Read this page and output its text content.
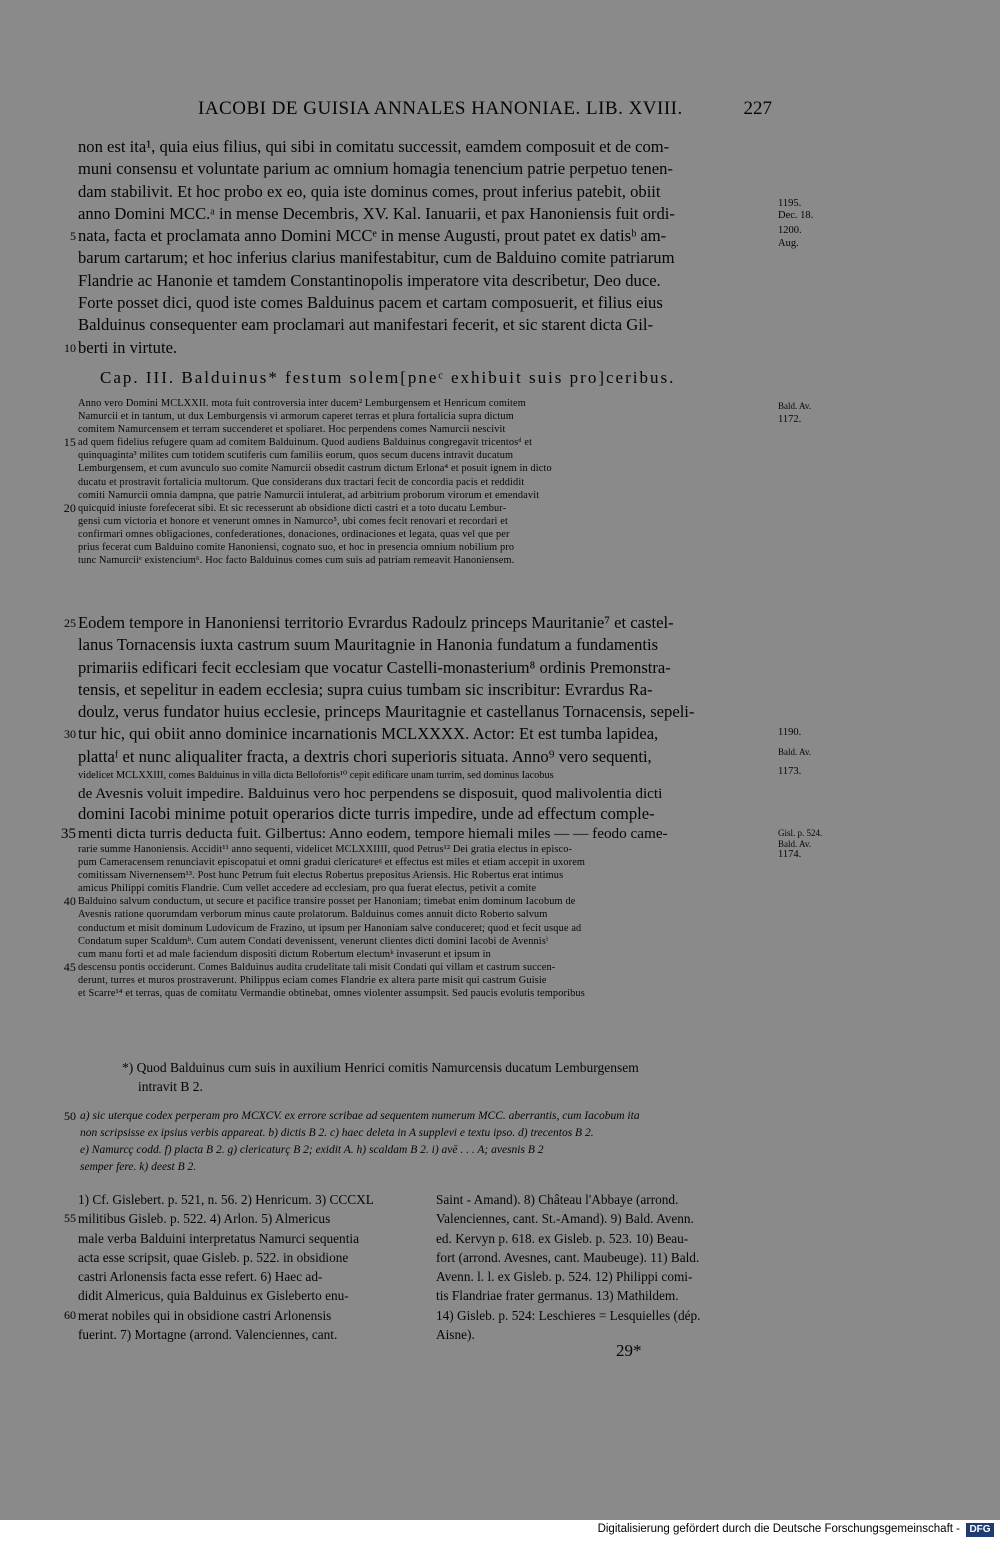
IACOBI DE GUISIA ANNALES HANONIAE. LIB. XVIII.	227
non est ita¹, quia eius filius, qui sibi in comitatu successit, eamdem composuit et de com-
muni consensu et voluntate parium ac omnium homagia tenencium patrie perpetuo tenen-
dam stabilivit. Et hoc probo ex eo, quia iste dominus comes, prout inferius patebit, obiit
anno Domini MCC.ᵃ in mense Decembris, XV. Kal. Ianuarii, et pax Hanoniensis fuit ordi-
5 nata, facta et proclamata anno Domini MCCᵉ in mense Augusti, prout patet ex datisᵇ am-
barum cartarum; et hoc inferius clarius manifestabitur, cum de Balduino comite patriarum
Flandrie ac Hanonie et tamdem Constantinopolis imperatore vita describetur, Deo duce.
Forte posset dici, quod iste comes Balduinus pacem et cartam composuerit, et filius eius
Balduinus consequenter eam proclamari aut manifestari fecerit, et sic starent dicta Gil-
10 berti in virtute.
Cap. III. Balduinus* festum solem[pneᶜ exhibuit suis pro]ceribus.
Anno vero Domini MCLXXII. mota fuit controversia inter ducem² Lemburgensem et Henricum comitem
Namurcii et in tantum, ut dux Lemburgensis vi armorum caperet terras et plura fortalicia supra dictum
comitem Namurcensem et terram succenderet et spoliaret. Hoc perpendens comes Namurcii nescivit
15 ad quem fidelius refugere quam ad comitem Balduinum. Quod audiens Balduinus congregavit tricentosᵈ et
quinquaginta³ milites cum totidem scutiferis cum familiis eorum, quos secum ducens intravit ducatum
Lemburgensem, et cum avunculo suo comite Namurcii obsedit castrum dictum Erlona⁴ et posuit ignem in dicto
ducatu et prostravit fortalicia multorum. Que considerans dux tractari fecit de concordia pacis et reddidit
comiti Namurcii omnia dampna, que patrie Namurcii intulerat, ad arbitrium proborum virorum et emendavit
20 quicquid iniuste forefecerat sibi. Et sic recesserunt ab obsidione dicti castri et a toto ducatu Lembur-
gensi cum victoria et honore et venerunt omnes in Namurco⁵, ubi comes fecit renovari et recordari et
confirmari omnes obligaciones, confederationes, donaciones, ordinaciones et legata, quas vel que per
prius fecerat cum Balduino comite Hanoniensi, cognato suo, et hoc in presencia omnium nobilium pro
tunc Namurciiᵉ existencium⁶. Hoc facto Balduinus comes cum suis ad patriam remeavit Hanoniensem.
25 Eodem tempore in Hanoniensi territorio Evrardus Radoulz princeps Mauritanie⁷ et castel-
lanus Tornacensis iuxta castrum suum Mauritagnie in Hanonia fundatum a fundamentis
primariis edificari fecit ecclesiam que vocatur Castelli-monasterium⁸ ordinis Premonstra-
tensis, et sepelitur in eadem ecclesia; supra cuius tumbam sic inscribitur: Evrardus Ra-
doulz, verus fundator huius ecclesie, princeps Mauritagnie et castellanus Tornacensis, sepeli-
30 tur hic, qui obiit anno dominice incarnationis MCLXXXX. Actor: Et est tumba lapidea,
plattaᶠ et nunc aliqualiter fracta, a dextris chori superioris situata. Anno⁹ vero sequenti,
videlicet MCLXXIII, comes Balduinus in villa dicta Bellofortis¹⁰ cepit edificare unam turrim, sed dominus Iacobus
de Avesnis voluit impedire. Balduinus vero hoc perpendens se disposuit, quod malivolentia dicti
domini Iacobi minime potuit operarios dicte turris impedire, unde ad effectum comple-
35 menti dicta turris deducta fuit. Gilbertus: Anno eodem, tempore hiemali miles — — feodo came-
rarie summe Hanoniensis. Accidit¹¹ anno sequenti, videlicet MCLXXIIII, quod Petrus¹² Dei gratia electus in episco-
pum Cameracensem renunciavit episcopatui et omni gradui clericatureᵍ et effectus est miles et etiam accepit in uxorem
comitissam Nivernensem¹³. Post hunc Petrum fuit electus Robertus prepositus Ariensis. Hic Robertus erat intimus
amicus Philippi comitis Flandrie. Cum vellet accedere ad ecclesiam, pro qua fuerat electus, petivit a comite
40 Balduino salvum conductum, ut secure et pacifice transire posset per Hanoniam; timebat enim dominum Iacobum de
Avesnis ratione quorumdam verborum minus caute prolatorum. Balduinus comes annuit dicto Roberto salvum
conductum et misit dominum Ludovicum de Frazino, ut ipsum per Hanoniam salve conduceret; quod et fecit usque ad
Condatum super Scaldumʰ. Cum autem Condati devenissent, venerunt clientes dicti domini Iacobi de Avennisⁱ
cum manu forti et ad male faciendum dispositi dictum Robertum electumᵏ invaserunt et ipsum in
45 descensu pontis occiderunt. Comes Balduinus audita crudelitate tali misit Condati qui villam et castrum succen-
derunt, turres et muros prostraverunt. Philippus eciam comes Flandrie ex altera parte misit qui castrum Guisie
et Scarre¹⁴ et terras, quas de comitatu Vermandie obtinebat, omnes violenter assumpsit. Sed paucis evolutis temporibus
1195.
Dec. 18.
1200.
Aug.
Bald. Av.
1172.
1190.
Bald. Av.
1173.
Gisl. p. 524.
Bald. Av.
1174.
*) Quod Balduinus cum suis in auxilium Henrici comitis Namurcensis ducatum Lemburgensem
intravit B 2.
50 a) sic uterque codex perperam pro MCXCV. ex errore scribae ad sequentem numerum MCC. aberrantis, cum Iacobum ita
non scripsisse ex ipsius verbis appareat. b) dictis B 2. c) haec deleta in A supplevi e textu ipso. d) trecentos B 2.
e) Namurcç codd. f) placta B 2. g) clericaturç B 2; exidit A. h) scaldam B 2. i) avē . . . A; avesnis B 2
semper fere. k) deest B 2.
1) Cf. Gislebert. p. 521, n. 56. 2) Henricum. 3) CCCXL
55 militibus Gisleb. p. 522. 4) Arlon. 5) Almericus
male verba Balduini interpretatus Namurci sequentia
acta esse scripsit, quae Gisleb. p. 522. in obsidione
castri Arlonensis facta esse refert. 6) Haec ad-
didit Almericus, quia Balduinus ex Gisleberto enu-
60 merat nobiles qui in obsidione castri Arlonensis
fuerint. 7) Mortagne (arrond. Valenciennes, cant.
Saint - Amand). 8) Château l'Abbaye (arrond.
Valenciennes, cant. St.-Amand). 9) Bald. Avenn.
ed. Kervyn p. 618. ex Gisleb. p. 523. 10) Beau-
fort (arrond. Avesnes, cant. Maubeuge). 11) Bald.
Avenn. l. l. ex Gisleb. p. 524. 12) Philippi comi-
tis Flandriae frater germanus. 13) Mathildem.
14) Gisleb. p. 524: Leschieres = Lesquielles (dép.
Aisne).
29*
Digitalisierung gefördert durch die Deutsche Forschungsgemeinschaft - DFG
